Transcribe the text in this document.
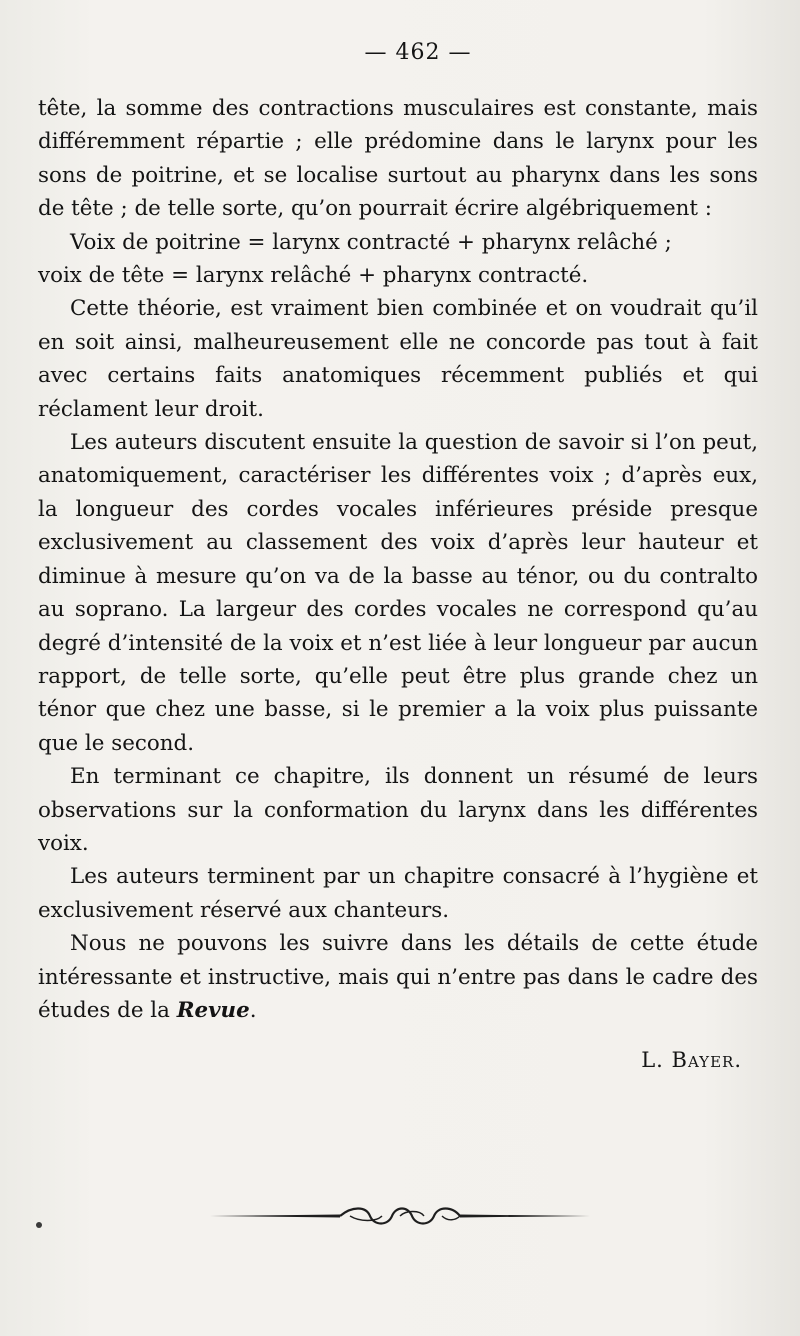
— 462 —

tête, la somme des contractions musculaires est constante, mais différemment répartie ; elle prédomine dans le larynx pour les sons de poitrine, et se localise surtout au pharynx dans les sons de tête ; de telle sorte, qu’on pourrait écrire algébriquement :

Voix de poitrine = larynx contracté + pharynx relâché ;

voix de tête = larynx relâché + pharynx contracté.

Cette théorie, est vraiment bien combinée et on voudrait qu’il en soit ainsi, malheureusement elle ne concorde pas tout à fait avec certains faits anatomiques récemment publiés et qui réclament leur droit.

Les auteurs discutent ensuite la question de savoir si l’on peut, anatomiquement, caractériser les différentes voix ; d’après eux, la longueur des cordes vocales inférieures préside presque exclusivement au classement des voix d’après leur hauteur et diminue à mesure qu’on va de la basse au ténor, ou du contralto au soprano. La largeur des cordes vocales ne correspond qu’au degré d’intensité de la voix et n’est liée à leur longueur par aucun rapport, de telle sorte, qu’elle peut être plus grande chez un ténor que chez une basse, si le premier a la voix plus puissante que le second.

En terminant ce chapitre, ils donnent un résumé de leurs observations sur la conformation du larynx dans les différentes voix.

Les auteurs terminent par un chapitre consacré à l’hygiène et exclusivement réservé aux chanteurs.

Nous ne pouvons les suivre dans les détails de cette étude intéressante et instructive, mais qui n’entre pas dans le cadre des études de la Revue.

L. Bayer.
